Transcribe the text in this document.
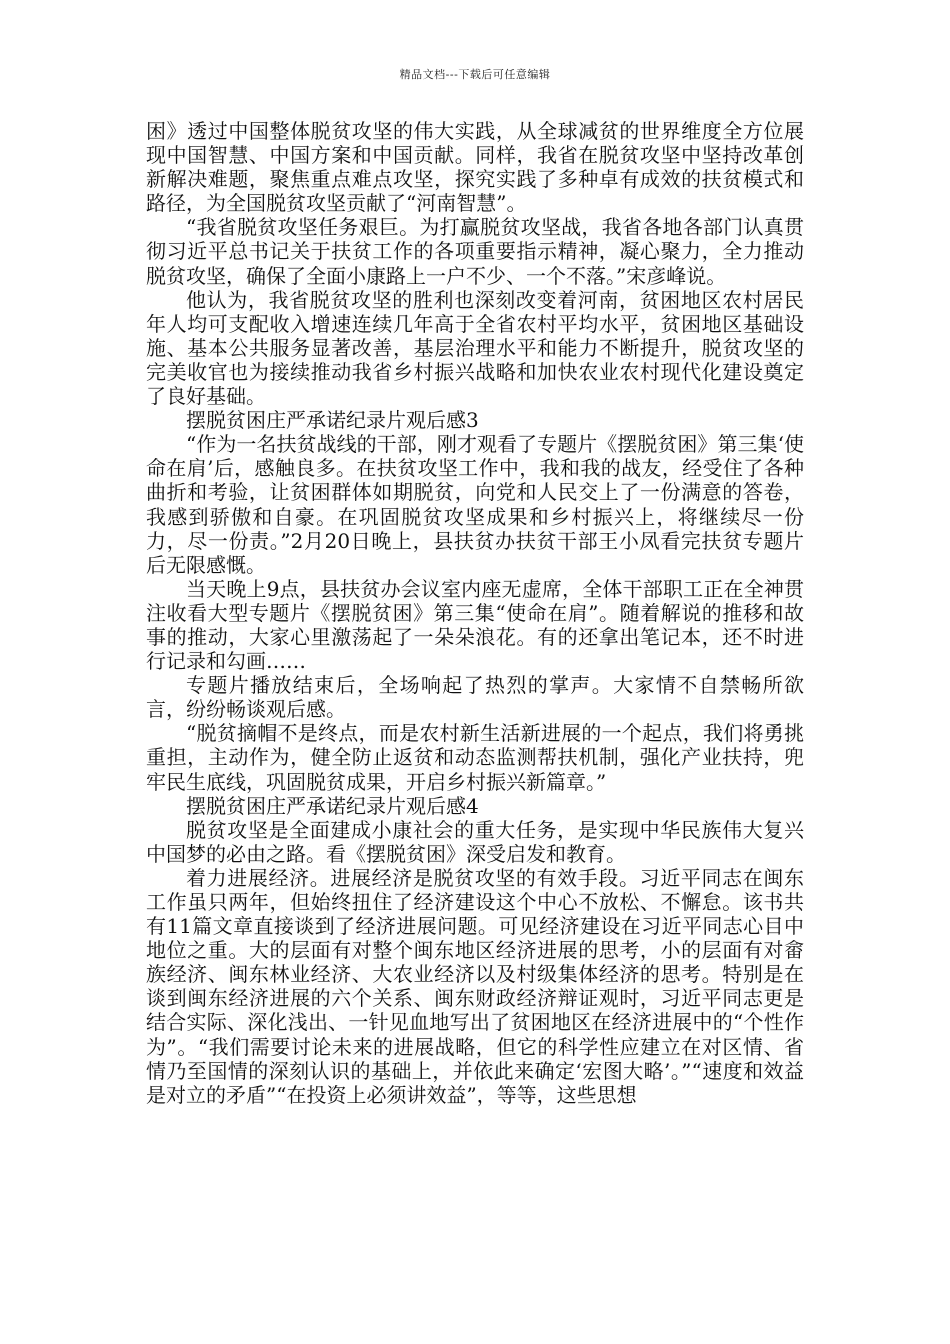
精品文档---下载后可任意编辑

困》透过中国整体脱贫攻坚的伟大实践，从全球减贫的世界维度全方位展现中国智慧、中国方案和中国贡献。同样，我省在脱贫攻坚中坚持改革创新解决难题，聚焦重点难点攻坚，探究实践了多种卓有成效的扶贫模式和路径，为全国脱贫攻坚贡献了“河南智慧”。

“我省脱贫攻坚任务艰巨。为打赢脱贫攻坚战，我省各地各部门认真贯彻习近平总书记关于扶贫工作的各项重要指示精神，凝心聚力，全力推动脱贫攻坚，确保了全面小康路上一户不少、一个不落。”宋彦峰说。

他认为，我省脱贫攻坚的胜利也深刻改变着河南，贫困地区农村居民年人均可支配收入增速连续几年高于全省农村平均水平，贫困地区基础设施、基本公共服务显著改善，基层治理水平和能力不断提升，脱贫攻坚的完美收官也为接续推动我省乡村振兴战略和加快农业农村现代化建设奠定了良好基础。

摆脱贫困庄严承诺纪录片观后感3

“作为一名扶贫战线的干部，刚才观看了专题片《摆脱贫困》第三集‘使命在肩’后，感触良多。在扶贫攻坚工作中，我和我的战友，经受住了各种曲折和考验，让贫困群体如期脱贫，向党和人民交上了一份满意的答卷，我感到骄傲和自豪。在巩固脱贫攻坚成果和乡村振兴上，将继续尽一份力，尽一份责。”2月20日晚上，县扶贫办扶贫干部王小凤看完扶贫专题片后无限感慨。

当天晚上9点，县扶贫办会议室内座无虚席，全体干部职工正在全神贯注收看大型专题片《摆脱贫困》第三集“使命在肩”。随着解说的推移和故事的推动，大家心里激荡起了一朵朵浪花。有的还拿出笔记本，还不时进行记录和勾画……

专题片播放结束后，全场响起了热烈的掌声。大家情不自禁畅所欲言，纷纷畅谈观后感。

“脱贫摘帽不是终点，而是农村新生活新进展的一个起点，我们将勇挑重担，主动作为，健全防止返贫和动态监测帮扶机制，强化产业扶持，兜牢民生底线，巩固脱贫成果，开启乡村振兴新篇章。”

摆脱贫困庄严承诺纪录片观后感4

脱贫攻坚是全面建成小康社会的重大任务，是实现中华民族伟大复兴中国梦的必由之路。看《摆脱贫困》深受启发和教育。

着力进展经济。进展经济是脱贫攻坚的有效手段。习近平同志在闽东工作虽只两年，但始终扭住了经济建设这个中心不放松、不懈怠。该书共有11篇文章直接谈到了经济进展问题。可见经济建设在习近平同志心目中地位之重。大的层面有对整个闽东地区经济进展的思考，小的层面有对畲族经济、闽东林业经济、大农业经济以及村级集体经济的思考。特别是在谈到闽东经济进展的六个关系、闽东财政经济辩证观时，习近平同志更是结合实际、深化浅出、一针见血地写出了贫困地区在经济进展中的“个性作为”。“我们需要讨论未来的进展战略，但它的科学性应建立在对区情、省情乃至国情的深刻认识的基础上，并依此来确定‘宏图大略’。”“速度和效益是对立的矛盾”“在投资上必须讲效益”，等等，这些思想
